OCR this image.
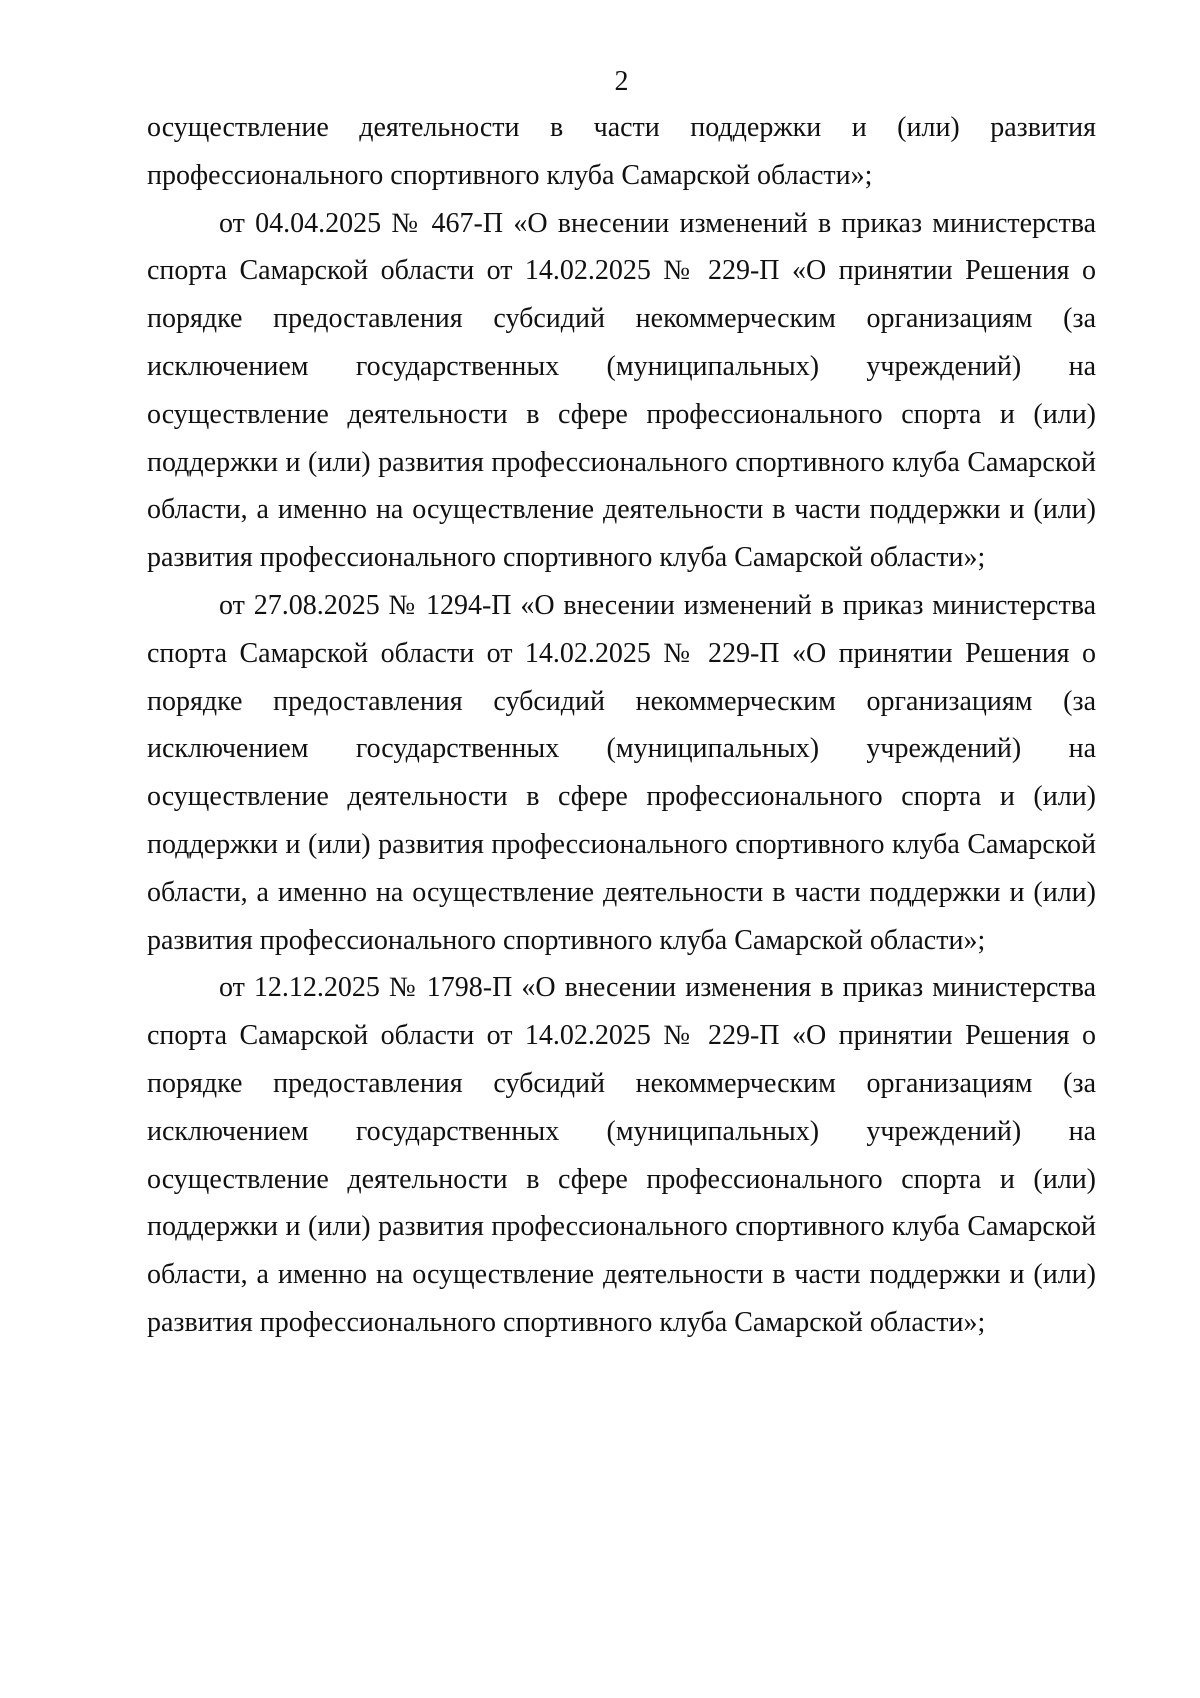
2

осуществление деятельности в части поддержки и (или) развития профессионального спортивного клуба Самарской области»;

от 04.04.2025 № 467-П «О внесении изменений в приказ министерства спорта Самарской области от 14.02.2025 № 229-П «О принятии Решения о порядке предоставления субсидий некоммерческим организациям (за исключением государственных (муниципальных) учреждений) на осуществление деятельности в сфере профессионального спорта и (или) поддержки и (или) развития профессионального спортивного клуба Самарской области, а именно на осуществление деятельности в части поддержки и (или) развития профессионального спортивного клуба Самарской области»;

от 27.08.2025 № 1294-П «О внесении изменений в приказ министерства спорта Самарской области от 14.02.2025 № 229-П «О принятии Решения о порядке предоставления субсидий некоммерческим организациям (за исключением государственных (муниципальных) учреждений) на осуществление деятельности в сфере профессионального спорта и (или) поддержки и (или) развития профессионального спортивного клуба Самарской области, а именно на осуществление деятельности в части поддержки и (или) развития профессионального спортивного клуба Самарской области»;

от 12.12.2025 № 1798-П «О внесении изменения в приказ министерства спорта Самарской области от 14.02.2025 № 229-П «О принятии Решения о порядке предоставления субсидий некоммерческим организациям (за исключением государственных (муниципальных) учреждений) на осуществление деятельности в сфере профессионального спорта и (или) поддержки и (или) развития профессионального спортивного клуба Самарской области, а именно на осуществление деятельности в части поддержки и (или) развития профессионального спортивного клуба Самарской области»;
